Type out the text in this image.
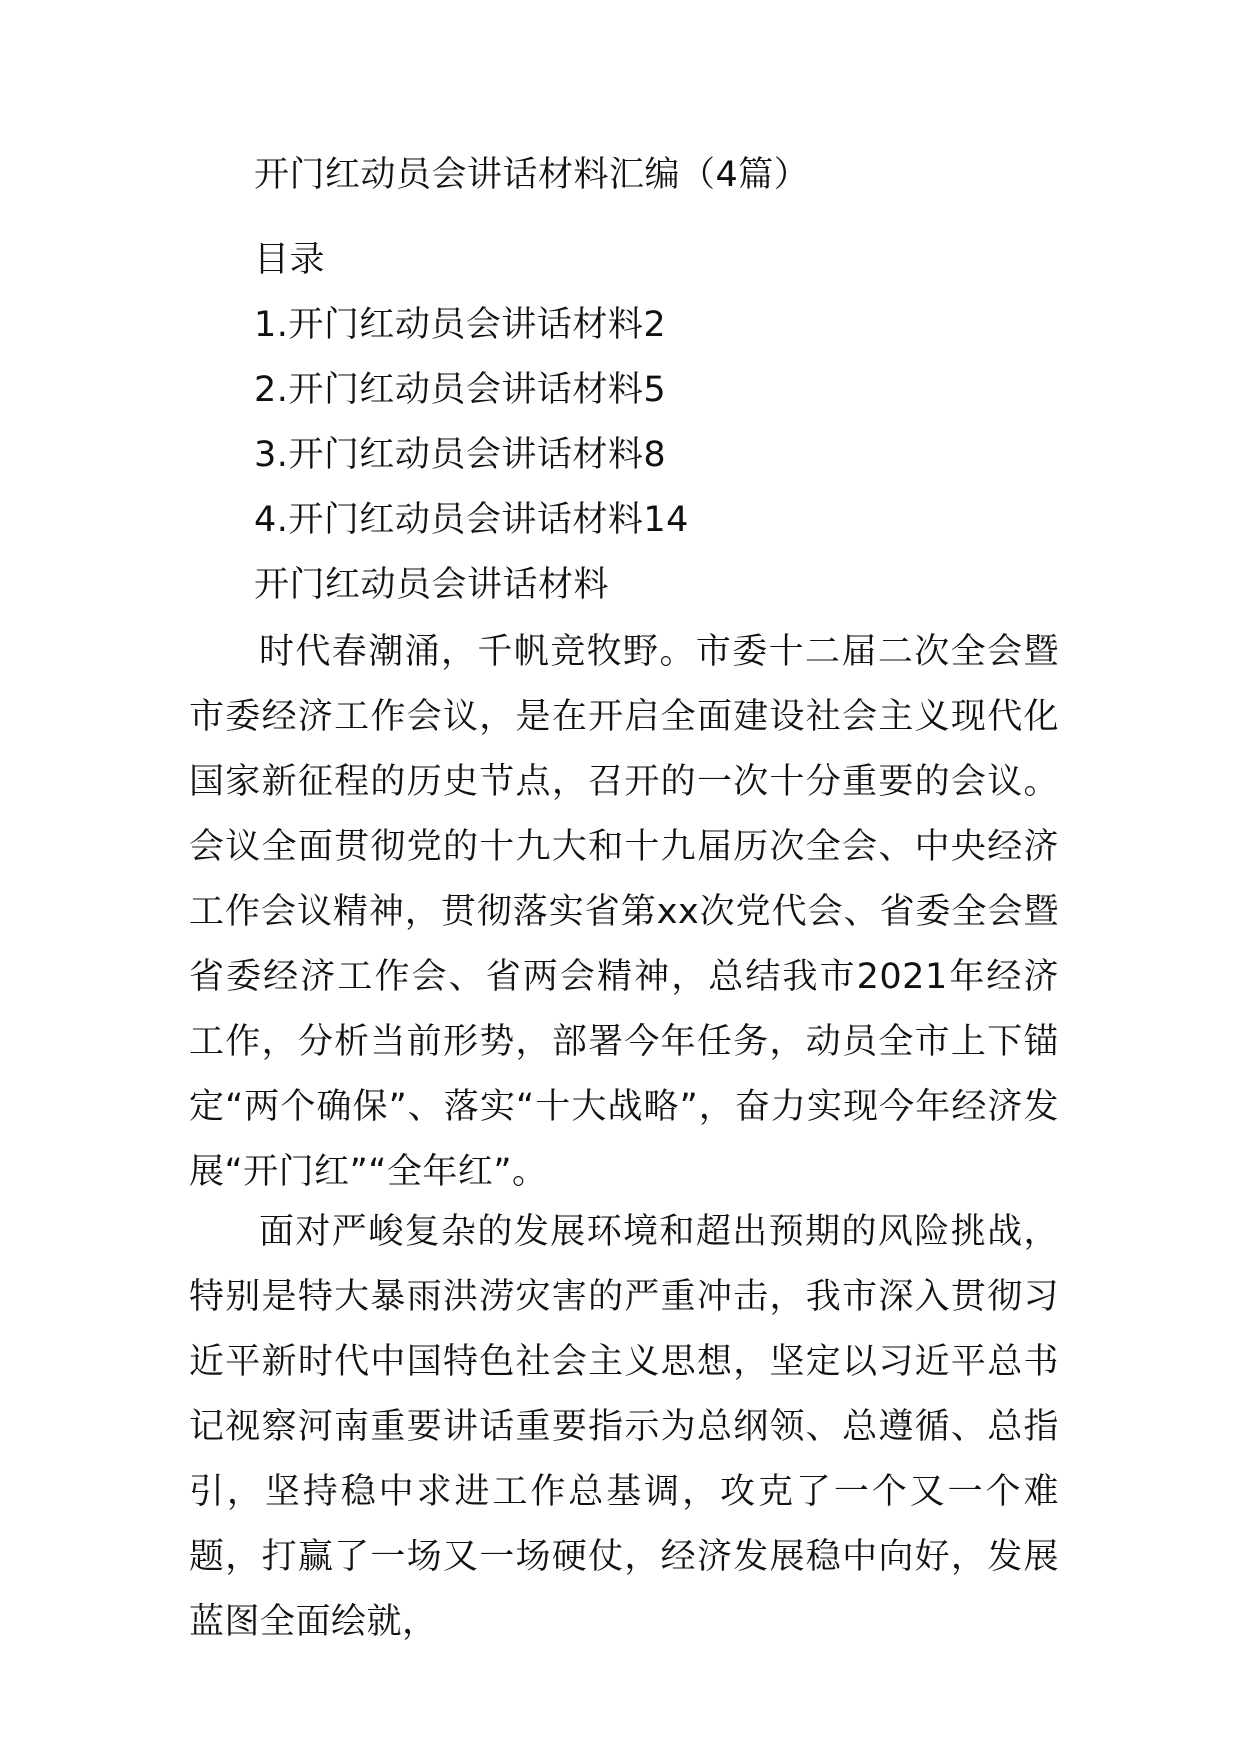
开门红动员会讲话材料汇编（4篇）
目录
1.开门红动员会讲话材料2
2.开门红动员会讲话材料5
3.开门红动员会讲话材料8
4.开门红动员会讲话材料14
开门红动员会讲话材料

时代春潮涌，千帆竞牧野。市委十二届二次全会暨市委经济工作会议，是在开启全面建设社会主义现代化国家新征程的历史节点，召开的一次十分重要的会议。会议全面贯彻党的十九大和十九届历次全会、中央经济工作会议精神，贯彻落实省第xx次党代会、省委全会暨省委经济工作会、省两会精神，总结我市2021年经济工作，分析当前形势，部署今年任务，动员全市上下锚定“两个确保”、落实“十大战略”，奋力实现今年经济发展“开门红”“全年红”。

面对严峻复杂的发展环境和超出预期的风险挑战，特别是特大暴雨洪涝灾害的严重冲击，我市深入贯彻习近平新时代中国特色社会主义思想，坚定以习近平总书记视察河南重要讲话重要指示为总纲领、总遵循、总指引，坚持稳中求进工作总基调，攻克了一个又一个难题，打赢了一场又一场硬仗，经济发展稳中向好，发展蓝图全面绘就，
